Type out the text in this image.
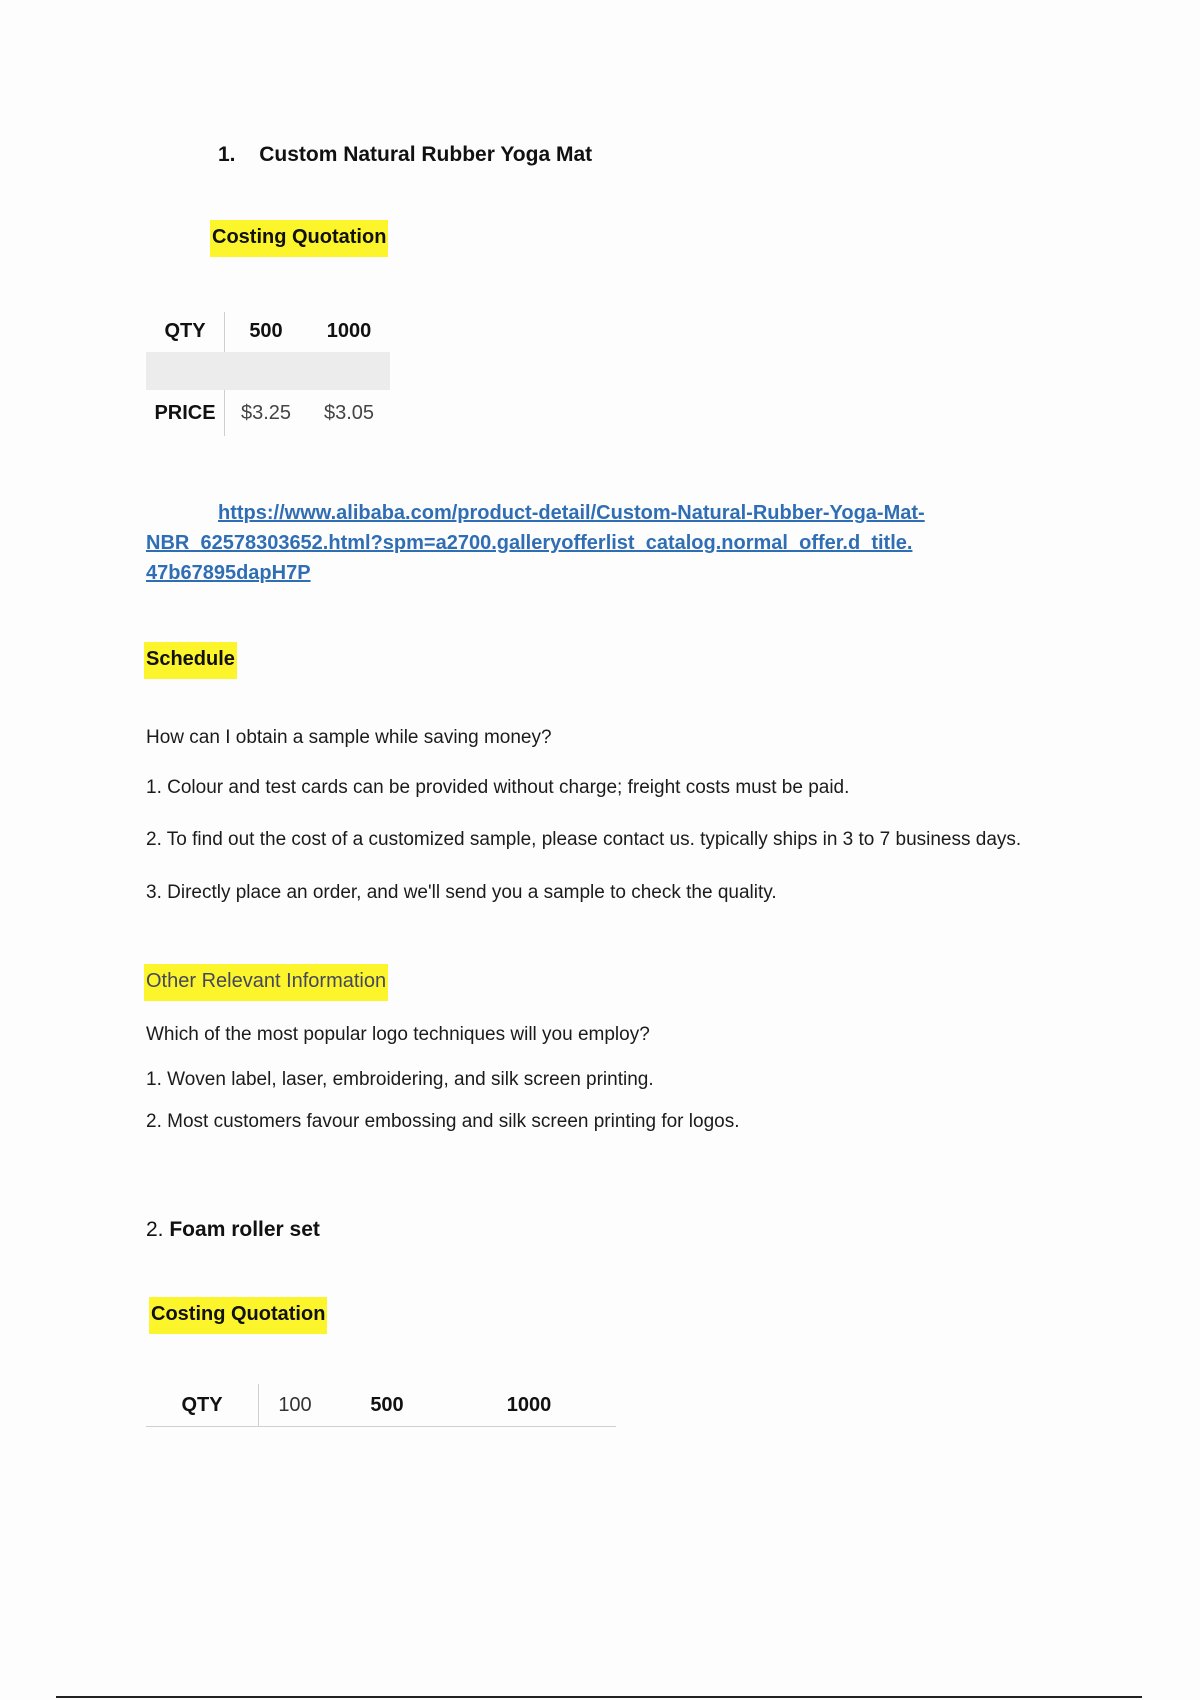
1. Custom Natural Rubber Yoga Mat
Costing Quotation
QTY	500	1000

PRICE	$3.25	$3.05
https://www.alibaba.com/product-detail/Custom-Natural-Rubber-Yoga-Mat-
NBR_62578303652.html?spm=a2700.galleryofferlist_catalog.normal_offer.d_title.
47b67895dapH7P
Schedule
How can I obtain a sample while saving money?
1. Colour and test cards can be provided without charge; freight costs must be paid.
2. To find out the cost of a customized sample, please contact us. typically ships in 3 to 7 business days.
3. Directly place an order, and we'll send you a sample to check the quality.
Other Relevant Information
Which of the most popular logo techniques will you employ?
1. Woven label, laser, embroidering, and silk screen printing.
2. Most customers favour embossing and silk screen printing for logos.
2. Foam roller set
Costing Quotation
QTY	100	500	1000
